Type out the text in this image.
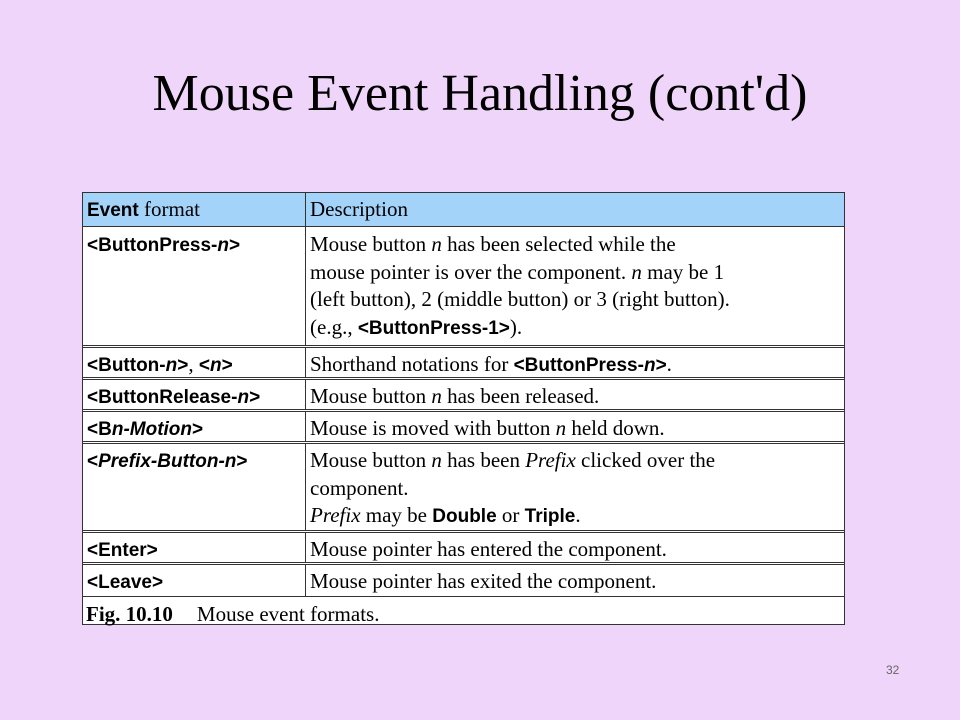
Mouse Event Handling (cont'd)
Event format	Description
<ButtonPress-n>	Mouse button n has been selected while the
mouse pointer is over the component. n may be 1
(left button), 2 (middle button) or 3 (right button).
(e.g., <ButtonPress-1>).
<Button-n>, <n>	Shorthand notations for <ButtonPress-n>.
<ButtonRelease-n>	Mouse button n has been released.
<Bn-Motion>	Mouse is moved with button n held down.
<Prefix-Button-n>	Mouse button n has been Prefix clicked over the
component.
Prefix may be Double or Triple.
<Enter>	Mouse pointer has entered the component.
<Leave>	Mouse pointer has exited the component.
Fig. 10.10 Mouse event formats.
32
